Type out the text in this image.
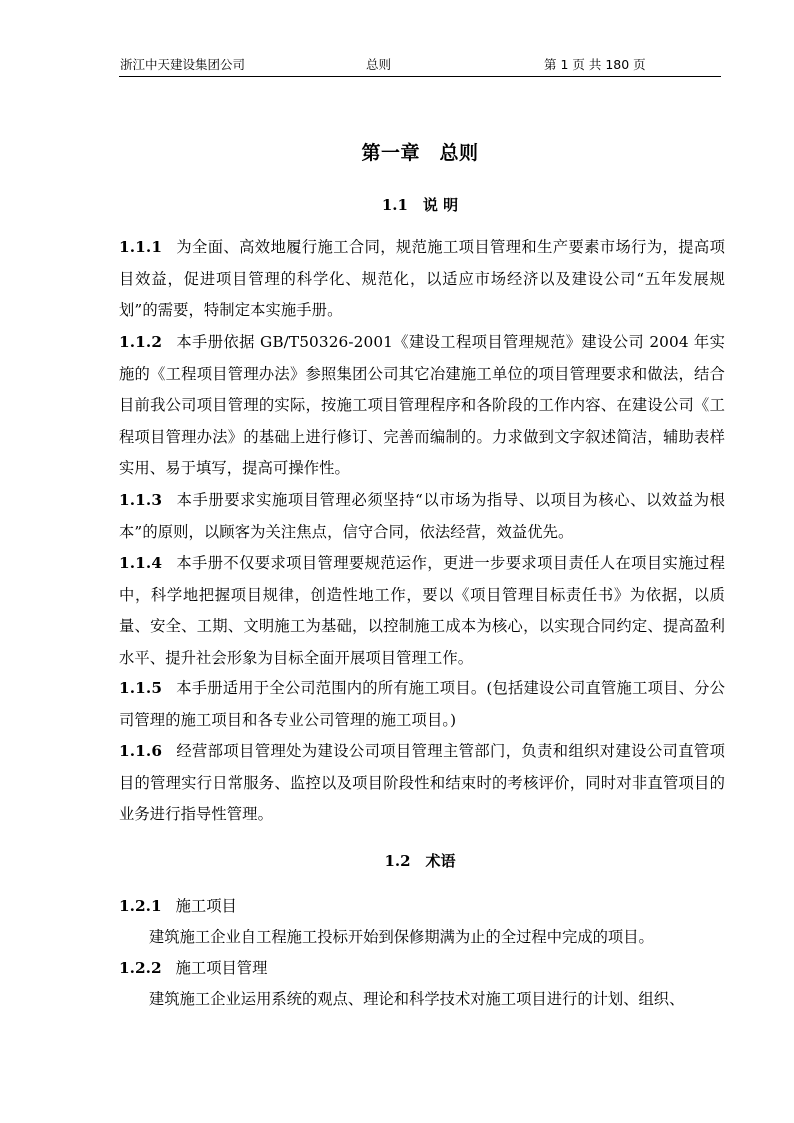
浙江中天建设集团公司	总则	第 1 页 共 180 页
第一章　总则
1.1　说 明
1.1.1 为全面、高效地履行施工合同，规范施工项目管理和生产要素市场行为，提高项目效益，促进项目管理的科学化、规范化，以适应市场经济以及建设公司“五年发展规划”的需要，特制定本实施手册。
1.1.2 本手册依据 GB/T50326-2001《建设工程项目管理规范》建设公司 2004 年实施的《工程项目管理办法》参照集团公司其它冶建施工单位的项目管理要求和做法，结合目前我公司项目管理的实际，按施工项目管理程序和各阶段的工作内容、在建设公司《工程项目管理办法》的基础上进行修订、完善而编制的。力求做到文字叙述简洁，辅助表样实用、易于填写，提高可操作性。
1.1.3 本手册要求实施项目管理必须坚持“以市场为指导、以项目为核心、以效益为根本”的原则，以顾客为关注焦点，信守合同，依法经营，效益优先。
1.1.4 本手册不仅要求项目管理要规范运作，更进一步要求项目责任人在项目实施过程中，科学地把握项目规律，创造性地工作，要以《项目管理目标责任书》为依据，以质量、安全、工期、文明施工为基础，以控制施工成本为核心，以实现合同约定、提高盈利水平、提升社会形象为目标全面开展项目管理工作。
1.1.5 本手册适用于全公司范围内的所有施工项目。(包括建设公司直管施工项目、分公司管理的施工项目和各专业公司管理的施工项目。)
1.1.6 经营部项目管理处为建设公司项目管理主管部门，负责和组织对建设公司直管项目的管理实行日常服务、监控以及项目阶段性和结束时的考核评价，同时对非直管项目的业务进行指导性管理。
1.2　术语
1.2.1 施工项目
建筑施工企业自工程施工投标开始到保修期满为止的全过程中完成的项目。
1.2.2 施工项目管理
建筑施工企业运用系统的观点、理论和科学技术对施工项目进行的计划、组织、
